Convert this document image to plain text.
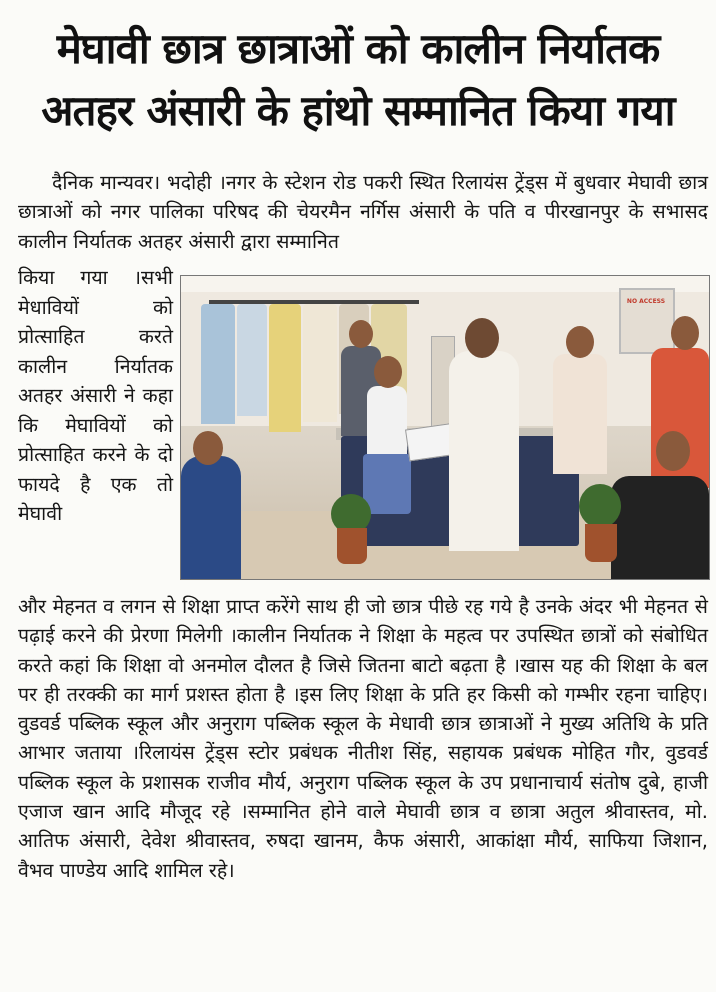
मेघावी छात्र छात्राओं को कालीन निर्यातक
अतहर अंसारी के हांथो सम्मानित किया गया

दैनिक मान्यवर। भदोही ।नगर के स्टेशन रोड पकरी स्थित रिलायंस ट्रेंड्स में बुधवार मेघावी छात्र छात्राओं को नगर पालिका परिषद की चेयरमैन नर्गिस अंसारी के पति व पीरखानपुर के सभासद कालीन निर्यातक अतहर अंसारी द्वारा सम्मानित

किया गया ।सभी मेधावियों को प्रोत्साहित करते कालीन निर्यातक अतहर अंसारी ने कहा कि मेघावियों को प्रोत्साहित करने के दो फायदे है एक तो मेघावी

NO ACCESS

और मेहनत व लगन से शिक्षा प्राप्त करेंगे साथ ही जो छात्र पीछे रह गये है उनके अंदर भी मेहनत से पढ़ाई करने की प्रेरणा मिलेगी ।कालीन निर्यातक ने शिक्षा के महत्व पर उपस्थित छात्रों को संबोधित करते कहां कि शिक्षा वो अनमोल दौलत है जिसे जितना बाटो बढ़ता है ।खास यह की शिक्षा के बल पर ही तरक्की का मार्ग प्रशस्त होता है ।इस लिए शिक्षा के प्रति हर किसी को गम्भीर रहना चाहिए। वुडवर्ड पब्लिक स्कूल और अनुराग पब्लिक स्कूल के मेधावी छात्र छात्राओं ने मुख्य अतिथि के प्रति आभार जताया ।रिलायंस ट्रेंड्स स्टोर प्रबंधक नीतीश सिंह, सहायक प्रबंधक मोहित गौर, वुडवर्ड पब्लिक स्कूल के प्रशासक राजीव मौर्य, अनुराग पब्लिक स्कूल के उप प्रधानाचार्य संतोष दुबे, हाजी एजाज खान आदि मौजूद रहे ।सम्मानित होने वाले मेघावी छात्र व छात्रा अतुल श्रीवास्तव, मो. आतिफ अंसारी, देवेश श्रीवास्तव, रुषदा खानम, कैफ अंसारी, आकांक्षा मौर्य, साफिया जिशान, वैभव पाण्डेय आदि शामिल रहे।
